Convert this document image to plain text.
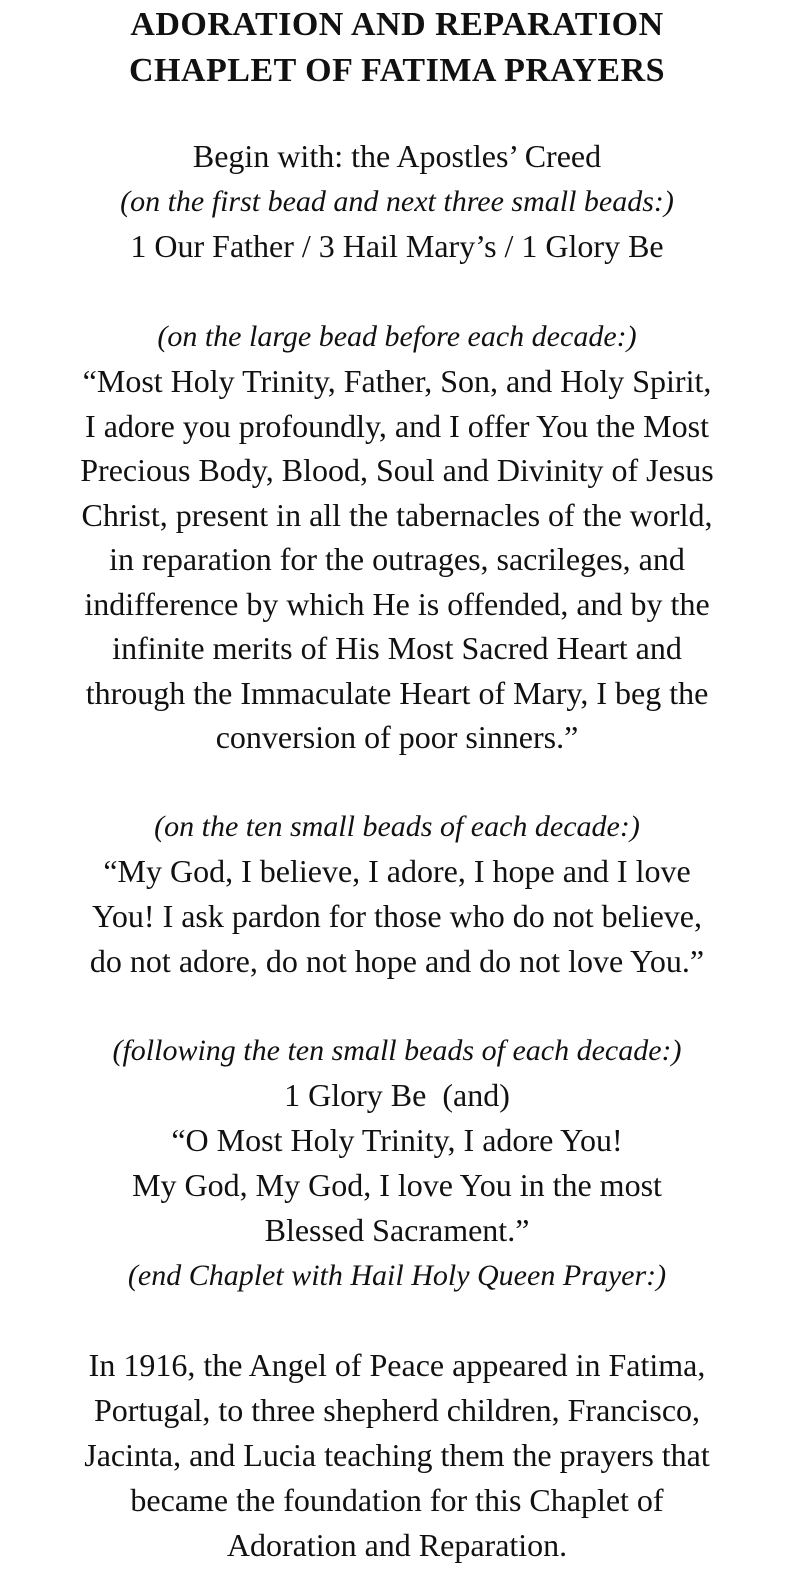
ADORATION AND REPARATION
CHAPLET OF FATIMA PRAYERS
Begin with: the Apostles’ Creed
(on the first bead and next three small beads:)
1 Our Father / 3 Hail Mary’s / 1 Glory Be
(on the large bead before each decade:)
“Most Holy Trinity, Father, Son, and Holy Spirit,
I adore you profoundly, and I offer You the Most
Precious Body, Blood, Soul and Divinity of Jesus
Christ, present in all the tabernacles of the world,
in reparation for the outrages, sacrileges, and
indifference by which He is offended, and by the
infinite merits of His Most Sacred Heart and
through the Immaculate Heart of Mary, I beg the
conversion of poor sinners.”
(on the ten small beads of each decade:)
“My God, I believe, I adore, I hope and I love
You! I ask pardon for those who do not believe,
do not adore, do not hope and do not love You.”
(following the ten small beads of each decade:)
1 Glory Be  (and)
“O Most Holy Trinity, I adore You!
My God, My God, I love You in the most
Blessed Sacrament.”
(end Chaplet with Hail Holy Queen Prayer:)
In 1916, the Angel of Peace appeared in Fatima,
Portugal, to three shepherd children, Francisco,
Jacinta, and Lucia teaching them the prayers that
became the foundation for this Chaplet of
Adoration and Reparation.
